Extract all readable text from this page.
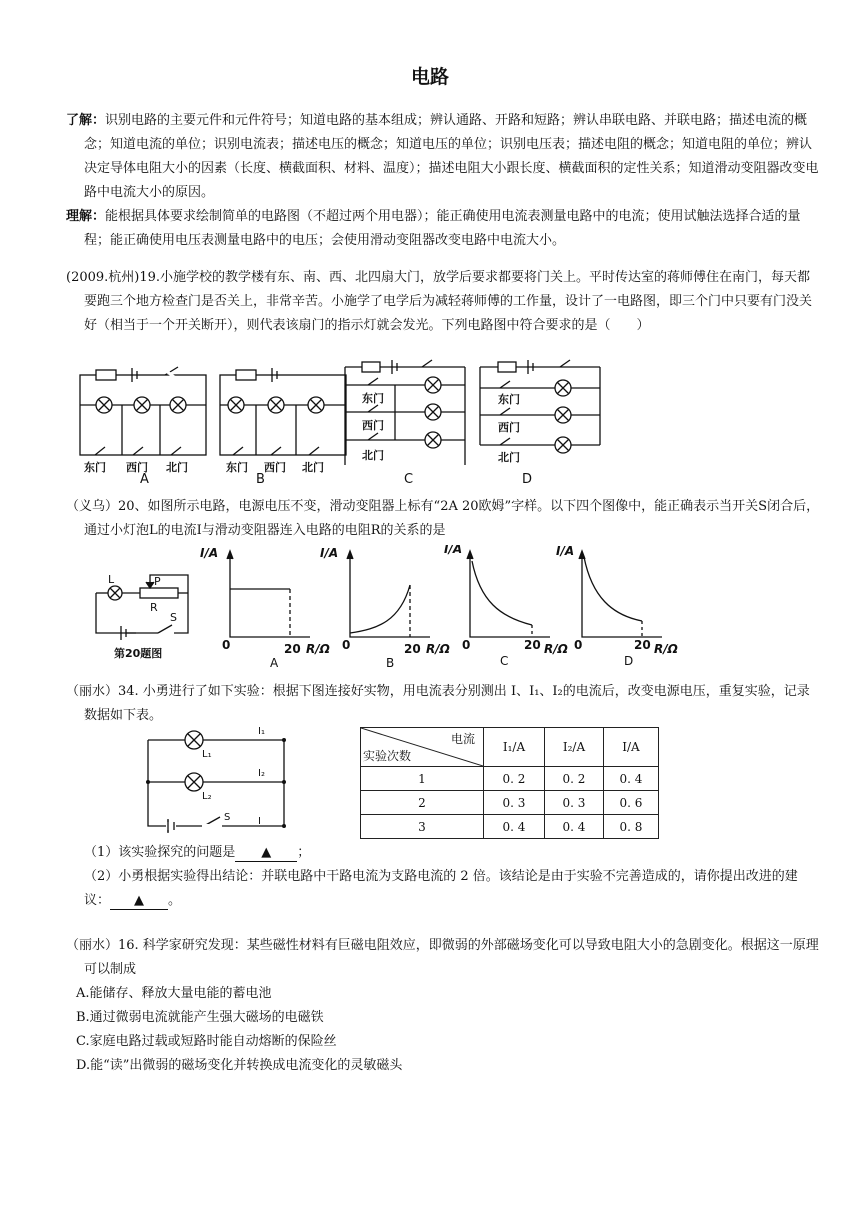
电路
了解：识别电路的主要元件和元件符号；知道电路的基本组成；辨认通路、开路和短路；辨认串联电路、并联电路；描述电流的概念；知道电流的单位；识别电流表；描述电压的概念；知道电压的单位；识别电压表；描述电阻的概念；知道电阻的单位；辨认决定导体电阻大小的因素（长度、横截面积、材料、温度）；描述电阻大小跟长度、横截面积的定性关系；知道滑动变阻器改变电路中电流大小的原因。
理解：能根据具体要求绘制简单的电路图（不超过两个用电器）；能正确使用电流表测量电路中的电流；使用试触法选择合适的量程；能正确使用电压表测量电路中的电压；会使用滑动变阻器改变电路中电流大小。
(2009.杭州)19.小施学校的教学楼有东、南、西、北四扇大门，放学后要求都要将门关上。平时传达室的蒋师傅住在南门，每天都要跑三个地方检查门是否关上，非常辛苦。小施学了电学后为减轻蒋师傅的工作量，设计了一电路图，即三个门中只要有门没关好（相当于一个开关断开），则代表该扇门的指示灯就会发光。下列电路图中符合要求的是（　　）
东门 西门 北门	东门 西门 北门
东门
西门
北门
东门
西门
北门
A	B	C	D
（义乌）20、如图所示电路，电源电压不变，滑动变阻器上标有“2A 20欧姆”字样。以下四个图像中，能正确表示当开关S闭合后，通过小灯泡L的电流I与滑动变阻器连入电路的电阻R的关系的是
L	P
R
S
第20题图
I/A	I/A	I/A	I/A
R/Ω	R/Ω	R/Ω	R/Ω
0	20	0	20	0	20	0	20
A	B	C	D
（丽水）34. 小勇进行了如下实验：根据下图连接好实物，用电流表分别测出 I、I₁、I₂的电流后，改变电源电压，重复实验，记录数据如下表。
L₁
L₂
I₁
I₂
S	I
电流
实验次数	I₁/A	I₂/A	I/A
1	0. 2	0. 2	0. 4
2	0. 3	0. 3	0. 6
3	0. 4	0. 4	0. 8
（1）该实验探究的问题是 ▲ ；
（2）小勇根据实验得出结论：并联电路中干路电流为支路电流的 2 倍。该结论是由于实验不完善造成的，请你提出改进的建议： ▲ 。
（丽水）16. 科学家研究发现：某些磁性材料有巨磁电阻效应，即微弱的外部磁场变化可以导致电阻大小的急剧变化。根据这一原理可以制成
A.能储存、释放大量电能的蓄电池
B.通过微弱电流就能产生强大磁场的电磁铁
C.家庭电路过载或短路时能自动熔断的保险丝
D.能“读”出微弱的磁场变化并转换成电流变化的灵敏磁头
